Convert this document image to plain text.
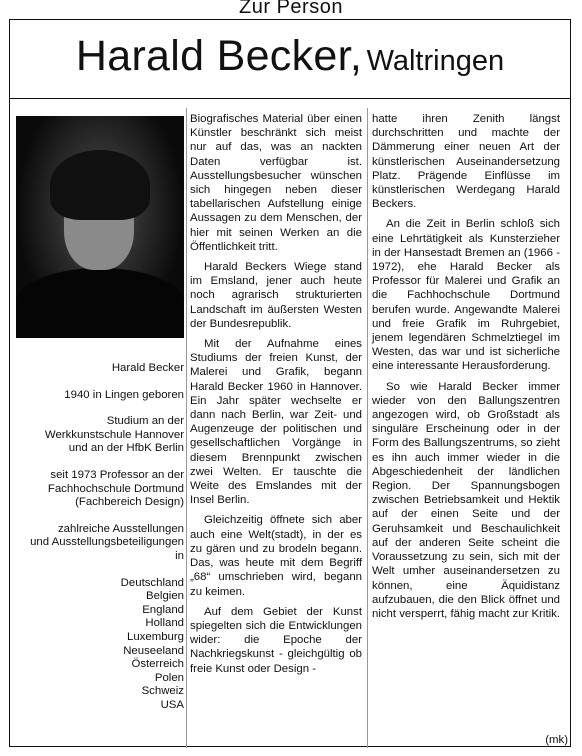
Zur Person
Harald Becker, Waltringen

Harald Becker

1940 in Lingen geboren

Studium an der
Werkkunstschule Hannover
und an der HfbK Berlin

seit 1973 Professor an der
Fachhochschule Dortmund
(Fachbereich Design)

zahlreiche Ausstellungen
und Ausstellungsbeteiligungen
in

Deutschland
Belgien
England
Holland
Luxemburg
Neuseeland
Österreich
Polen
Schweiz
USA

Biografisches Material über einen Künstler beschränkt sich meist nur auf das, was an nackten Daten verfügbar ist. Ausstellungsbesucher wünschen sich hingegen neben dieser tabellarischen Aufstellung einige Aussagen zu dem Menschen, der hier mit seinen Werken an die Öffentlichkeit tritt.

Harald Beckers Wiege stand im Emsland, jener auch heute noch agrarisch strukturierten Landschaft im äußersten Westen der Bundesrepublik.

Mit der Aufnahme eines Studiums der freien Kunst, der Malerei und Grafik, begann Harald Becker 1960 in Hannover. Ein Jahr später wechselte er dann nach Berlin, war Zeit- und Augenzeuge der politischen und gesellschaftlichen Vorgänge in diesem Brennpunkt zwischen zwei Welten. Er tauschte die Weite des Emslandes mit der Insel Berlin.

Gleichzeitig öffnete sich aber auch eine Welt(stadt), in der es zu gären und zu brodeln begann. Das, was heute mit dem Begriff „68“ umschrieben wird, begann zu keimen.

Auf dem Gebiet der Kunst spiegelten sich die Entwicklungen wider: die Epoche der Nachkriegskunst - gleichgültig ob freie Kunst oder Design -

hatte ihren Zenith längst durchschritten und machte der Dämmerung einer neuen Art der künstlerischen Auseinandersetzung Platz. Prägende Einflüsse im künstlerischen Werdegang Harald Beckers.

An die Zeit in Berlin schloß sich eine Lehrtätigkeit als Kunsterzieher in der Hansestadt Bremen an (1966 - 1972), ehe Harald Becker als Professor für Malerei und Grafik an die Fachhochschule Dortmund berufen wurde. Angewandte Malerei und freie Grafik im Ruhrgebiet, jenem legendären Schmelztiegel im Westen, das war und ist sicherliche eine interessante Herausforderung.

So wie Harald Becker immer wieder von den Ballungszentren angezogen wird, ob Großstadt als singuläre Erscheinung oder in der Form des Ballungszentrums, so zieht es ihn auch immer wieder in die Abgeschiedenheit der ländlichen Region. Der Spannungsbogen zwischen Betriebsamkeit und Hektik auf der einen Seite und der Geruhsamkeit und Beschaulichkeit auf der anderen Seite scheint die Voraussetzung zu sein, sich mit der Welt umher auseinandersetzen zu können, eine Äquidistanz aufzubauen, die den Blick öffnet und nicht versperrt, fähig macht zur Kritik.

(mk)
